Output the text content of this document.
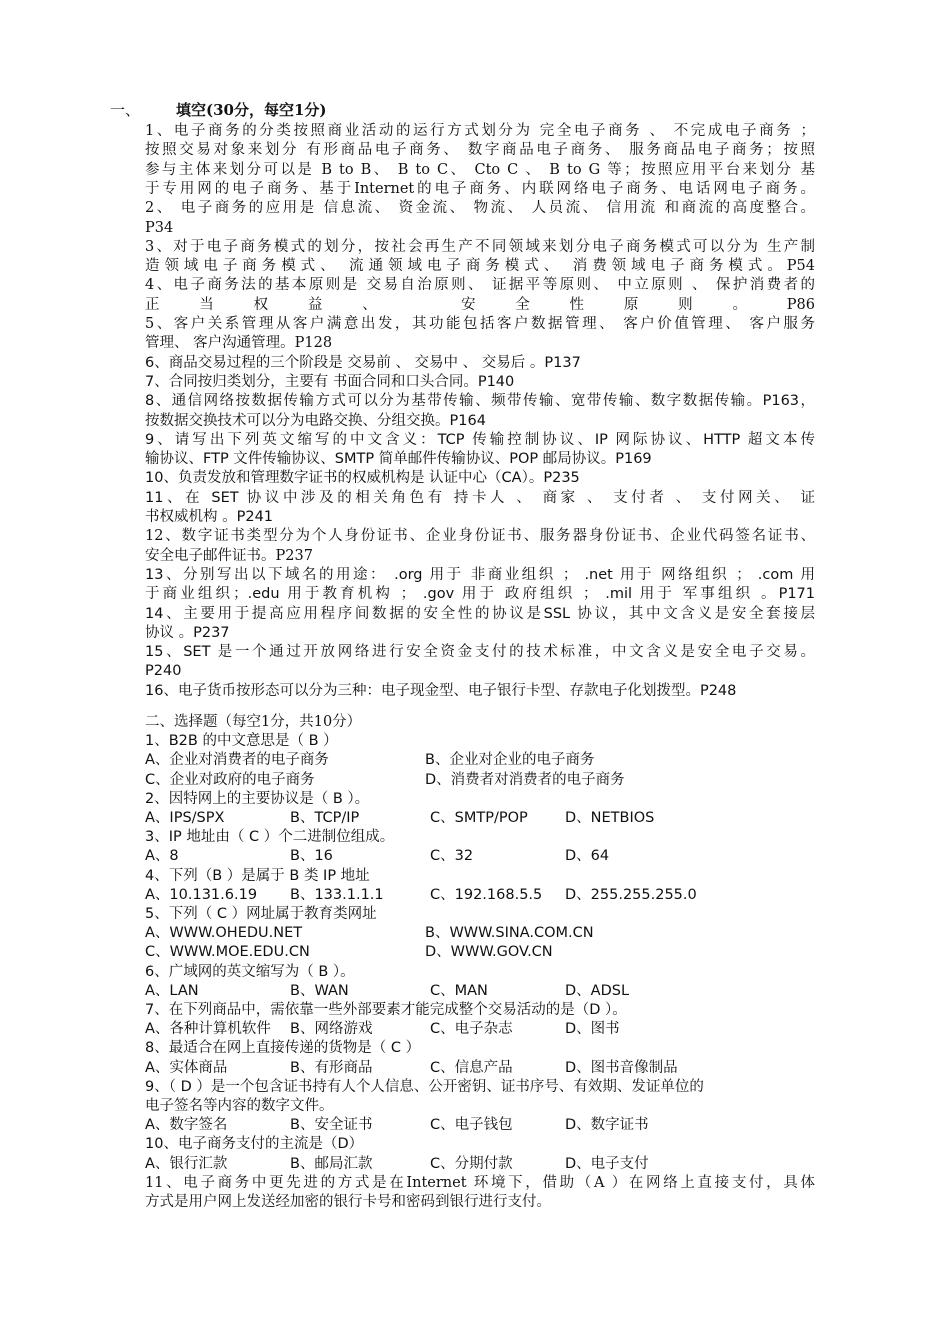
一、 填空(30分，每空1分)
1、电子商务的分类按照商业活动的运行方式划分为 完全电子商务 、 不完成电子商务 ；
按照交易对象来划分 有形商品电子商务、 数字商品电子商务、 服务商品电子商务；按照
参与主体来划分可以是 B to B、 B to C、 Cto C 、 B to G 等；按照应用平台来划分 基
于专用网的电子商务、基于Internet的电子商务、内联网络电子商务、电话网电子商务。
2、 电子商务的应用是 信息流、 资金流、 物流、 人员流、 信用流 和商流的高度整合。
P34
3、对于电子商务模式的划分，按社会再生产不同领域来划分电子商务模式可以分为 生产制
造领域电子商务模式、 流通领域电子商务模式、 消费领域电子商务模式。P54
4、电子商务法的基本原则是 交易自治原则、 证据平等原则、 中立原则 、 保护消费者的
正当权益、 安全性原则。P86
5、客户关系管理从客户满意出发，其功能包括客户数据管理、 客户价值管理、 客户服务
管理、 客户沟通管理。P128
6、商品交易过程的三个阶段是 交易前 、 交易中 、 交易后 。P137
7、合同按归类划分，主要有 书面合同和口头合同。P140
8、通信网络按数据传输方式可以分为基带传输、频带传输、宽带传输、数字数据传输。P163，
按数据交换技术可以分为电路交换、分组交换。P164
9、请写出下列英文缩写的中文含义：TCP 传输控制协议、IP 网际协议、HTTP 超文本传
输协议、FTP 文件传输协议、SMTP 简单邮件传输协议、POP 邮局协议。P169
10、负责发放和管理数字证书的权威机构是 认证中心（CA）。P235
11、在 SET 协议中涉及的相关角色有 持卡人 、 商家 、 支付者 、 支付网关、 证
书权威机构 。P241
12、数字证书类型分为个人身份证书、企业身份证书、服务器身份证书、企业代码签名证书、
安全电子邮件证书。P237
13、分别写出以下域名的用途： .org 用于 非商业组织 ； .net 用于 网络组织 ； .com 用
于商业组织；.edu 用于教育机构 ； .gov 用于 政府组织 ； .mil 用于 军事组织 。P171
14、主要用于提高应用程序间数据的安全性的协议是SSL 协议，其中文含义是安全套接层
协议 。P237
15、SET 是一个通过开放网络进行安全资金支付的技术标准，中文含义是安全电子交易。
P240
16、电子货币按形态可以分为三种：电子现金型、电子银行卡型、存款电子化划拨型。P248
二、选择题（每空1分，共10分）
1、B2B 的中文意思是（ B ）
A、企业对消费者的电子商务	B、企业对企业的电子商务
C、企业对政府的电子商务	D、消费者对消费者的电子商务
2、因特网上的主要协议是（ B ）。
A、IPS/SPX	B、TCP/IP	C、SMTP/POP	D、NETBIOS
3、IP 地址由（ C ）个二进制位组成。
A、8	B、16	C、32	D、64
4、下列（B ）是属于 B 类 IP 地址
A、10.131.6.19 B、133.1.1.1	C、192.168.5.5 D、255.255.255.0
5、下列（ C ）网址属于教育类网址
A、WWW.OHEDU.NET	B、WWW.SINA.COM.CN
C、WWW.MOE.EDU.CN	D、WWW.GOV.CN
6、广域网的英文缩写为（ B ）。
A、LAN	B、WAN	C、MAN	D、ADSL
7、在下列商品中，需依靠一些外部要素才能完成整个交易活动的是（D ）。
A、各种计算机软件 B、网络游戏	C、电子杂志	D、图书
8、最适合在网上直接传递的货物是（ C ）
A、实体商品	B、有形商品	C、信息产品	D、图书音像制品
9、（ D ）是一个包含证书持有人个人信息、公开密钥、证书序号、有效期、发证单位的
电子签名等内容的数字文件。
A、数字签名	B、安全证书	C、电子钱包	D、数字证书
10、电子商务支付的主流是（D）
A、银行汇款	B、邮局汇款	C、分期付款	D、电子支付
11、电子商务中更先进的方式是在Internet 环境下，借助（A ）在网络上直接支付，具体
方式是用户网上发送经加密的银行卡号和密码到银行进行支付。
